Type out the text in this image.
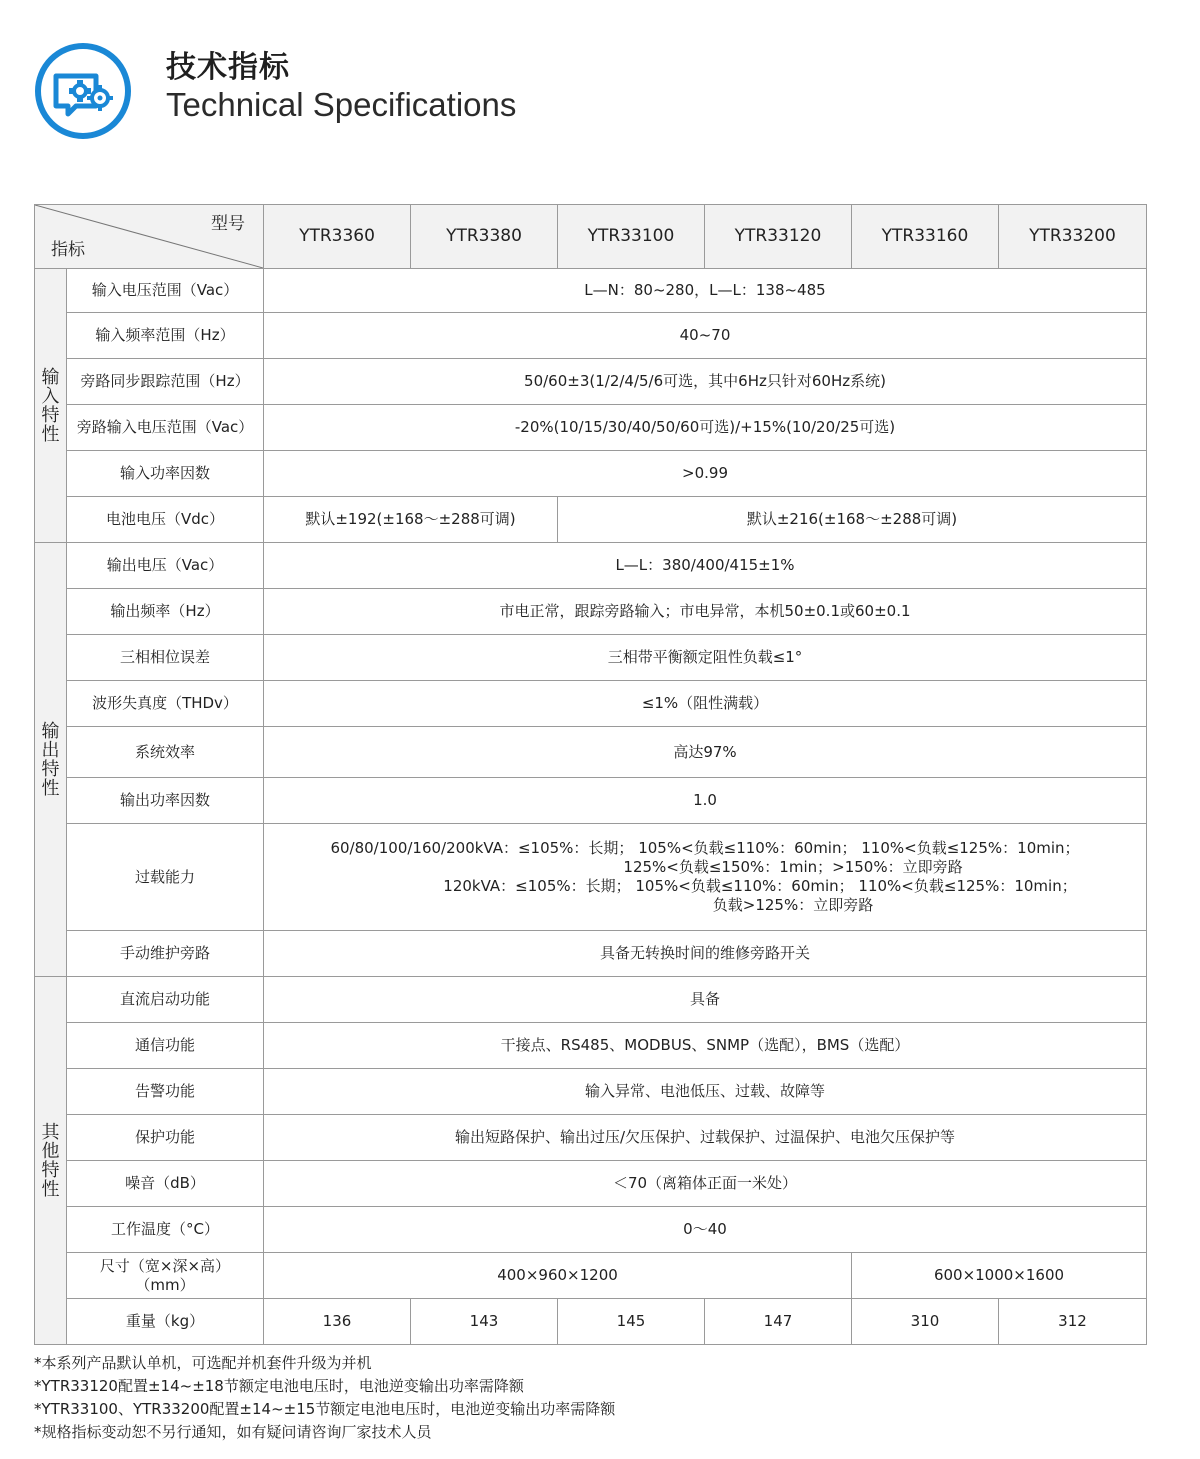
技术指标
Technical Specifications
型号
指标		YTR3360	YTR3380	YTR33100	YTR33120	YTR33160	YTR33200

输入特性	输入电压范围（Vac）	L—N：80~280，L—L：138~485					
	输入频率范围（Hz）	40~70					
	旁路同步跟踪范围（Hz）	50/60±3(1/2/4/5/6可选，其中6Hz只针对60Hz系统)					
	旁路输入电压范围（Vac）	-20%(10/15/30/40/50/60可选)/+15%(10/20/25可选)					
	输入功率因数	>0.99					
	电池电压（Vdc）	默认±192(±168～±288可调)		默认±216(±168～±288可调)			

输出特性	输出电压（Vac）	L—L：380/400/415±1%					
	输出频率（Hz）	市电正常，跟踪旁路输入；市电异常，本机50±0.1或60±0.1					
	三相相位误差	三相带平衡额定阻性负载≤1°					
	波形失真度（THDv）	≤1%（阻性满载）					
	系统效率	高达97%					
	输出功率因数	1.0					
	过载能力	60/80/100/160/200kVA：≤105%：长期； 105%<负载≤110%：60min； 110%<负载≤125%：10min；
125%<负载≤150%：1min；>150%：立即旁路
120kVA：≤105%：长期； 105%<负载≤110%：60min； 110%<负载≤125%：10min；
负载>125%：立即旁路					

	手动维护旁路	具备无转换时间的维修旁路开关					

其他特性	直流启动功能	具备					
	通信功能	干接点、RS485、MODBUS、SNMP（选配），BMS（选配）					
	告警功能	输入异常、电池低压、过载、故障等					
	保护功能	输出短路保护、输出过压/欠压保护、过载保护、过温保护、电池欠压保护等					
	噪音（dB）	＜70（离箱体正面一米处）					
	工作温度（°C）	0～40					
	尺寸（宽×深×高）（mm）	400×960×1200				600×1000×1600	
	重量（kg）	136	143	145	147	310	312
*本系列产品默认单机，可选配并机套件升级为并机
*YTR33120配置±14~±18节额定电池电压时，电池逆变输出功率需降额
*YTR33100、YTR33200配置±14~±15节额定电池电压时，电池逆变输出功率需降额
*规格指标变动恕不另行通知，如有疑问请咨询厂家技术人员
